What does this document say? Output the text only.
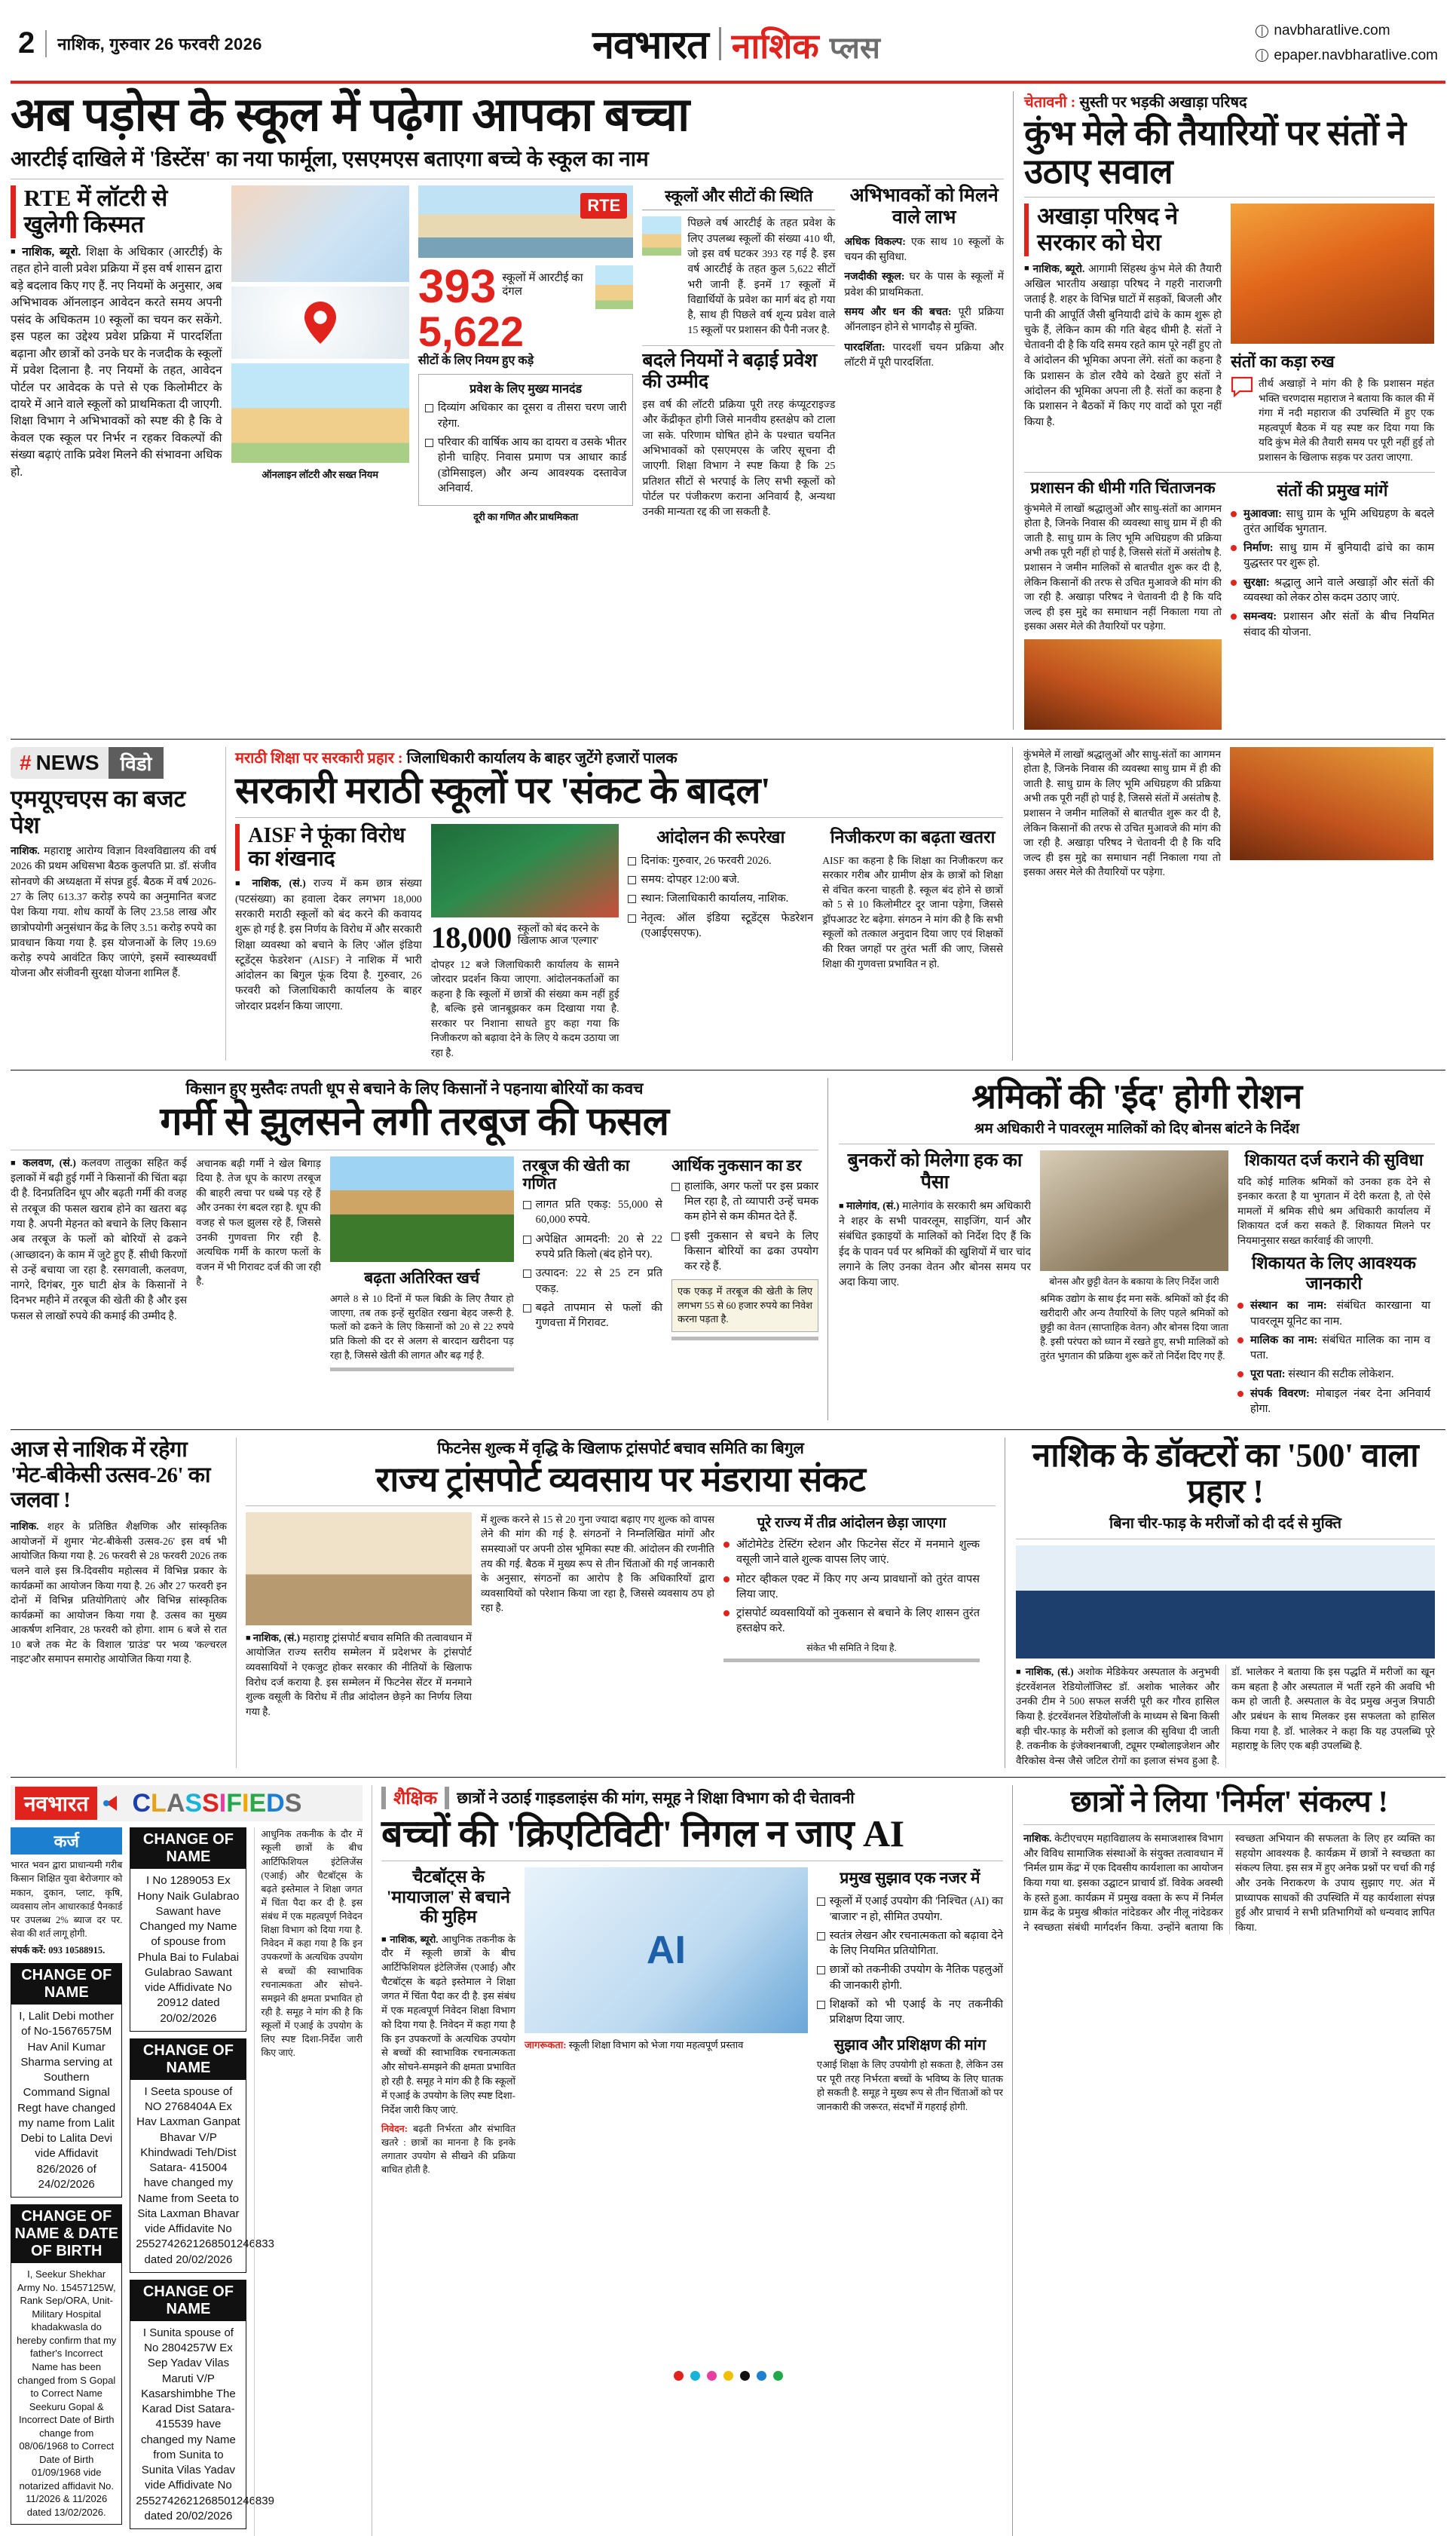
2 नाशिक, गुरुवार 26 फरवरी 2026	नवभारत नाशिक प्लस
navbharatlive.com
epaper.navbharatlive.com
अब पड़ोस के स्कूल में पढ़ेगा आपका बच्चा
आरटीई दाखिले में 'डिस्टेंस' का नया फार्मूला, एसएमएस बताएगा बच्चे के स्कूल का नाम
RTE में लॉटरी से खुलेगी किस्मत

■ नाशिक, ब्यूरो. शिक्षा के अधिकार (आरटीई) के तहत होने वाली प्रवेश प्रक्रिया में इस वर्ष शासन द्वारा बड़े बदलाव किए गए हैं. नए नियमों के अनुसार, अब अभिभावक ऑनलाइन आवेदन करते समय अपनी पसंद के अधिकतम 10 स्कूलों का चयन कर सकेंगे. इस पहल का उद्देश्य प्रवेश प्रक्रिया में पारदर्शिता बढ़ाना और छात्रों को उनके घर के नजदीक के स्कूलों में प्रवेश दिलाना है. नए नियमों के तहत, आवेदन पोर्टल पर आवेदक के पत्ते से एक किलोमीटर के दायरे में आने वाले स्कूलों को प्राथमिकता दी जाएगी. शिक्षा विभाग ने अभिभावकों को स्पष्ट की है कि वे केवल एक स्कूल पर निर्भर न रहकर विकल्पों की संख्या बढ़ाएं ताकि प्रवेश मिलने की संभावना अधिक हो.	ऑनलाइन लॉटरी और सख्त नियम
RTE
393 स्कूलों में आरटीई का दंगल
5,622
सीटों के लिए नियम हुए कड़े
प्रवेश के लिए मुख्य मानदंड
दिव्यांग अधिकार का दूसरा व तीसरा चरण जारी रहेगा.
परिवार की वार्षिक आय का दायरा व उसके भीतर होनी चाहिए. निवास प्रमाण पत्र आधार कार्ड (डोमिसाइल) और अन्य आवश्यक दस्तावेज अनिवार्य.
दूरी का गणित और प्राथमिकता
स्कूलों और सीटों की स्थिति

पिछले वर्ष आरटीई के तहत प्रवेश के लिए उपलब्ध स्कूलों की संख्या 410 थी, जो इस वर्ष घटकर 393 रह गई है. इस वर्ष आरटीई के तहत कुल 5,622 सीटों भरी जानी हैं. इनमें 17 स्कूलों में विद्यार्थियों के प्रवेश का मार्ग बंद हो गया है, साथ ही पिछले वर्ष शून्य प्रवेश वाले 15 स्कूलों पर प्रशासन की पैनी नजर है.

बदले नियमों ने बढ़ाई प्रवेश की उम्मीद

इस वर्ष की लॉटरी प्रक्रिया पूरी तरह कंप्यूटराइज्ड और केंद्रीकृत होगी जिसे मानवीय हस्तक्षेप को टाला जा सके. परिणाम घोषित होने के पश्चात चयनित अभिभावकों को एसएमएस के जरिए सूचना दी जाएगी. शिक्षा विभाग ने स्पष्ट किया है कि 25 प्रतिशत सीटों से भरपाई के लिए सभी स्कूलों को पोर्टल पर पंजीकरण कराना अनिवार्य है, अन्यथा उनकी मान्यता रद्द की जा सकती है.

अभिभावकों को मिलने वाले लाभ

अधिक विकल्प: एक साथ 10 स्कूलों के चयन की सुविधा.

नजदीकी स्कूल: घर के पास के स्कूलों में प्रवेश की प्राथमिकता.

समय और धन की बचत: पूरी प्रक्रिया ऑनलाइन होने से भागदौड़ से मुक्ति.

पारदर्शिता: पारदर्शी चयन प्रक्रिया और लॉटरी में पूरी पारदर्शिता.

चेतावनी : सुस्ती पर भड़की अखाड़ा परिषद
कुंभ मेले की तैयारियों पर संतों ने उठाए सवाल
अखाड़ा परिषद ने सरकार को घेरा

■ नाशिक, ब्यूरो. आगामी सिंहस्थ कुंभ मेले की तैयारी अखिल भारतीय अखाड़ा परिषद ने गहरी नाराजगी जताई है. शहर के विभिन्न घाटों में सड़कों, बिजली और पानी की आपूर्ति जैसी बुनियादी ढांचे के काम शुरू हो चुके हैं, लेकिन काम की गति बेहद धीमी है. संतों ने चेतावनी दी है कि यदि समय रहते काम पूरे नहीं हुए तो वे आंदोलन की भूमिका अपना लेंगे. संतों का कहना है कि प्रशासन के डोल रवैये को देखते हुए संतों ने आंदोलन की भूमिका अपना ली है. संतों का कहना है कि प्रशासन ने बैठकों में किए गए वादों को पूरा नहीं किया है.

संतों का कड़ा रुख

तीर्थ अखाड़ों ने मांग की है कि प्रशासन महंत भक्ति चरणदास महाराज ने बताया कि काल की में गंगा में नदी महाराज की उपस्थिति में हुए एक महत्वपूर्ण बैठक में यह स्पष्ट कर दिया गया कि यदि कुंभ मेले की तैयारी समय पर पूरी नहीं हुई तो प्रशासन के खिलाफ सड़क पर उतरा जाएगा.

प्रशासन की धीमी गति चिंताजनक

कुंभमेले में लाखों श्रद्धालुओं और साधु-संतों का आगमन होता है, जिनके निवास की व्यवस्था साधु ग्राम में ही की जाती है. साधु ग्राम के लिए भूमि अधिग्रहण की प्रक्रिया अभी तक पूरी नहीं हो पाई है, जिससे संतों में असंतोष है. प्रशासन ने जमीन मालिकों से बातचीत शुरू कर दी है, लेकिन किसानों की तरफ से उचित मुआवजे की मांग की जा रही है. अखाड़ा परिषद ने चेतावनी दी है कि यदि जल्द ही इस मुद्दे का समाधान नहीं निकाला गया तो इसका असर मेले की तैयारियों पर पड़ेगा.

संतों की प्रमुख मांगें
मुआवजा: साधु ग्राम के भूमि अधिग्रहण के बदले तुरंत आर्थिक भुगतान.
निर्माण: साधु ग्राम में बुनियादी ढांचे का काम युद्धस्तर पर शुरू हो.
सुरक्षा: श्रद्धालु आने वाले अखाड़ों और संतों की व्यवस्था को लेकर ठोस कदम उठाए जाएं.
समन्वय: प्रशासन और संतों के बीच नियमित संवाद की योजना.
# NEWS	विडो
एमयूएचएस का बजट पेश

नाशिक. महाराष्ट्र आरोग्य विज्ञान विश्वविद्यालय की वर्ष 2026 की प्रथम अधिसभा बैठक कुलपति प्रा. डॉ. संजीव सोनवणे की अध्यक्षता में संपन्न हुई. बैठक में वर्ष 2026-27 के लिए 613.37 करोड़ रुपये का अनुमानित बजट पेश किया गया. शोध कार्यों के लिए 23.58 लाख और छात्रोपयोगी अनुसंधान केंद्र के लिए 3.51 करोड़ रुपये का प्रावधान किया गया है. इस योजनाओं के लिए 19.69 करोड़ रुपये आवंटित किए जाएंगे, इसमें स्वास्थ्यवर्धी योजना और संजीवनी सुरक्षा योजना शामिल हैं.

मराठी शिक्षा पर सरकारी प्रहार : जिलाधिकारी कार्यालय के बाहर जुटेंगे हजारों पालक
सरकारी मराठी स्कूलों पर 'संकट के बादल'
AISF ने फूंका विरोध का शंखनाद

■ नाशिक, (सं.) राज्य में कम छात्र संख्या (पटसंख्या) का हवाला देकर लगभग 18,000 सरकारी मराठी स्कूलों को बंद करने की कवायद शुरू हो गई है. इस निर्णय के विरोध में और सरकारी शिक्षा व्यवस्था को बचाने के लिए 'ऑल इंडिया स्टूडेंट्स फेडरेशन' (AISF) ने नाशिक में भारी आंदोलन का बिगुल फूंक दिया है. गुरुवार, 26 फरवरी को जिलाधिकारी कार्यालय के बाहर जोरदार प्रदर्शन किया जाएगा.

18,000 स्कूलों को बंद करने के खिलाफ आज 'एल्गार'

दोपहर 12 बजे जिलाधिकारी कार्यालय के सामने जोरदार प्रदर्शन किया जाएगा. आंदोलनकर्ताओं का कहना है कि स्कूलों में छात्रों की संख्या कम नहीं हुई है, बल्कि इसे जानबूझकर कम दिखाया गया है. सरकार पर निशाना साधते हुए कहा गया कि निजीकरण को बढ़ावा देने के लिए ये कदम उठाया जा रहा है.

आंदोलन की रूपरेखा
दिनांक: गुरुवार, 26 फरवरी 2026.
समय: दोपहर 12:00 बजे.
स्थान: जिलाधिकारी कार्यालय, नाशिक.
नेतृत्व: ऑल इंडिया स्टूडेंट्स फेडरेशन (एआईएसएफ).
निजीकरण का बढ़ता खतरा

AISF का कहना है कि शिक्षा का निजीकरण कर सरकार गरीब और ग्रामीण क्षेत्र के छात्रों को शिक्षा से वंचित करना चाहती है. स्कूल बंद होने से छात्रों को 5 से 10 किलोमीटर दूर जाना पड़ेगा, जिससे ड्रॉपआउट रेट बढ़ेगा. संगठन ने मांग की है कि सभी स्कूलों को तत्काल अनुदान दिया जाए एवं शिक्षकों की रिक्त जगहों पर तुरंत भर्ती की जाए, जिससे शिक्षा की गुणवत्ता प्रभावित न हो.

कुंभमेले में लाखों श्रद्धालुओं और साधु-संतों का आगमन होता है, जिनके निवास की व्यवस्था साधु ग्राम में ही की जाती है. साधु ग्राम के लिए भूमि अधिग्रहण की प्रक्रिया अभी तक पूरी नहीं हो पाई है, जिससे संतों में असंतोष है. प्रशासन ने जमीन मालिकों से बातचीत शुरू कर दी है, लेकिन किसानों की तरफ से उचित मुआवजे की मांग की जा रही है. अखाड़ा परिषद ने चेतावनी दी है कि यदि जल्द ही इस मुद्दे का समाधान नहीं निकाला गया तो इसका असर मेले की तैयारियों पर पड़ेगा.

किसान हुए मुस्तैदः तपती धूप से बचाने के लिए किसानों ने पहनाया बोरियों का कवच
गर्मी से झुलसने लगी तरबूज की फसल

■ कलवण, (सं.) कलवण तालुका सहित कई इलाकों में बढ़ी हुई गर्मी ने किसानों की चिंता बढ़ा दी है. दिनप्रतिदिन धूप और बढ़ती गर्मी की वजह से तरबूज की फसल खराब होने का खतरा बढ़ गया है. अपनी मेहनत को बचाने के लिए किसान अब तरबूज के फलों को बोरियों से ढकने (आच्छादन) के काम में जुटे हुए हैं. सीधी किरणों से उन्हें बचाया जा रहा है. रसगवाली, कलवण, नागरे, दिगंबर, गुरु घाटी क्षेत्र के किसानों ने दिनभर महीने में तरबूज की खेती की है और इस फसल से लाखों रुपये की कमाई की उम्मीद है.

अचानक बढ़ी गर्मी ने खेल बिगाड़ दिया है. तेज धूप के कारण तरबूज की बाहरी त्वचा पर धब्बे पड़ रहे हैं और उनका रंग बदल रहा है. धूप की वजह से फल झुलस रहे हैं, जिससे उनकी गुणवत्ता गिर रही है. अत्यधिक गर्मी के कारण फलों के वजन में भी गिरावट दर्ज की जा रही है.	बढ़ता अतिरिक्त खर्च

अगले 8 से 10 दिनों में फल बिक्री के लिए तैयार हो जाएगा, तब तक इन्हें सुरक्षित रखना बेहद जरूरी है. फलों को ढकने के लिए किसानों को 20 से 22 रुपये प्रति किलो की दर से अलग से बारदान खरीदना पड़ रहा है, जिससे खेती की लागत और बढ़ गई है.

तरबूज की खेती का गणित
लागत प्रति एकड़: 55,000 से 60,000 रुपये.
अपेक्षित आमदनी: 20 से 22 रुपये प्रति किलो (बंद होने पर).
उत्पादन: 22 से 25 टन प्रति एकड़.
बढ़ते तापमान से फलों की गुणवत्ता में गिरावट.
आर्थिक नुकसान का डर
हालांकि, अगर फलों पर इस प्रकार मिल रहा है, तो व्यापारी उन्हें चमक कम होने से कम कीमत देते हैं.
इसी नुकसान से बचने के लिए किसान बोरियों का ढका उपयोग कर रहे हैं.

एक एकड़ में तरबूज की खेती के लिए लगभग 55 से 60 हजार रुपये का निवेश करना पड़ता है.

श्रमिकों की 'ईद' होगी रोशन
श्रम अधिकारी ने पावरलूम मालिकों को दिए बोनस बांटने के निर्देश
बुनकरों को मिलेगा हक का पैसा

■ मालेगांव, (सं.) मालेगांव के सरकारी श्रम अधिकारी ने शहर के सभी पावरलूम, साइजिंग, यार्न और संबंधित इकाइयों के मालिकों को निर्देश दिए हैं कि ईद के पावन पर्व पर श्रमिकों की खुशियों में चार चांद लगाने के लिए उनका वेतन और बोनस समय पर अदा किया जाए.	बोनस और छुट्टी वेतन के बकाया के लिए निर्देश जारी

श्रमिक उद्योग के साथ ईद मना सकें. श्रमिकों को ईद की खरीदारी और अन्य तैयारियों के लिए पहले श्रमिकों को छुट्टी का वेतन (साप्ताहिक वेतन) और बोनस दिया जाता है. इसी परंपरा को ध्यान में रखते हुए, सभी मालिकों को तुरंत भुगतान की प्रक्रिया शुरू करें तो निर्देश दिए गए हैं.

शिकायत दर्ज कराने की सुविधा

यदि कोई मालिक श्रमिकों को उनका हक देने से इनकार करता है या भुगतान में देरी करता है, तो ऐसे मामलों में श्रमिक सीधे श्रम अधिकारी कार्यालय में शिकायत दर्ज करा सकते हैं. शिकायत मिलने पर नियमानुसार सख्त कार्रवाई की जाएगी.

शिकायत के लिए आवश्यक जानकारी
संस्थान का नाम: संबंधित कारखाना या पावरलूम यूनिट का नाम.
मालिक का नाम: संबंधित मालिक का नाम व पता.
पूरा पता: संस्थान की सटीक लोकेशन.
संपर्क विवरण: मोबाइल नंबर देना अनिवार्य होगा.
आज से नाशिक में रहेगा 'मेट-बीकेसी उत्सव-26' का जलवा !

नाशिक. शहर के प्रतिष्ठित शैक्षणिक और सांस्कृतिक आयोजनों में शुमार 'मेट-बीकेसी उत्सव-26' इस वर्ष भी आयोजित किया गया है. 26 फरवरी से 28 फरवरी 2026 तक चलने वाले इस त्रि-दिवसीय महोत्सव में विभिन्न प्रकार के कार्यक्रमों का आयोजन किया गया है. 26 और 27 फरवरी इन दोनों में विभिन्न प्रतियोगिताएं और विभिन्न सांस्कृतिक कार्यक्रमों का आयोजन किया गया है. उत्सव का मुख्य आकर्षण शनिवार, 28 फरवरी को होगा. शाम 6 बजे से रात 10 बजे तक मेट के विशाल 'ग्राउंड' पर भव्य 'कल्चरल नाइट'और समापन समारोह आयोजित किया गया है.

फिटनेस शुल्क में वृद्धि के खिलाफ ट्रांसपोर्ट बचाव समिति का बिगुल
राज्य ट्रांसपोर्ट व्यवसाय पर मंडराया संकट

■ नाशिक, (सं.) महाराष्ट्र ट्रांसपोर्ट बचाव समिति की तत्वावधान में आयोजित राज्य स्तरीय सम्मेलन में प्रदेशभर के ट्रांसपोर्ट व्यवसायियों ने एकजुट होकर सरकार की नीतियों के खिलाफ विरोध दर्ज कराया है. इस सम्मेलन में फिटनेस सेंटर में मनमाने शुल्क वसूली के विरोध में तीव्र आंदोलन छेड़ने का निर्णय लिया गया है.

में शुल्क करने से 15 से 20 गुना ज्यादा बढ़ाए गए शुल्क को वापस लेने की मांग की गई है. संगठनों ने निम्नलिखित मांगों और समस्याओं पर अपनी ठोस भूमिका स्पष्ट की. आंदोलन की रणनीति तय की गई. बैठक में मुख्य रूप से तीन चिंताओं की गई जानकारी के अनुसार, संगठनों का आरोप है कि अधिकारियों द्वारा व्यवसायियों को परेशान किया जा रहा है, जिससे व्यवसाय ठप हो रहा है.

पूरे राज्य में तीव्र आंदोलन छेड़ा जाएगा
ऑटोमेटेड टेस्टिंग स्टेशन और फिटनेस सेंटर में मनमाने शुल्क वसूली जाने वाले शुल्क वापस लिए जाएं.
मोटर व्हीकल एक्ट में किए गए अन्य प्रावधानों को तुरंत वापस लिया जाए.
ट्रांसपोर्ट व्यवसायियों को नुकसान से बचाने के लिए शासन तुरंत हस्तक्षेप करे.
संकेत भी समिति ने दिया है.
नाशिक के डॉक्टरों का '500' वाला प्रहार !
बिना चीर-फाड़ के मरीजों को दी दर्द से मुक्ति

■ नाशिक, (सं.) अशोक मेडिकेयर अस्पताल के अनुभवी इंटरवेंशनल रेडियोलॉजिस्ट डॉ. अशोक भालेकर और उनकी टीम ने 500 सफल सर्जरी पूरी कर गौरव हासिल किया है. इंटरवेंशनल रेडियोलॉजी के माध्यम से बिना किसी बड़ी चीर-फाड़ के मरीजों को इलाज की सुविधा दी जाती है. तकनीक के इंजेक्शनबाजी, ट्यूमर एम्बोलाइजेशन और वैरिकोस वेन्स जैसे जटिल रोगों का इलाज संभव हुआ है. डॉ. भालेकर ने बताया कि इस पद्धति में मरीजों का खून कम बहता है और अस्पताल में भर्ती रहने की अवधि भी कम हो जाती है. अस्पताल के वेद प्रमुख अनुज त्रिपाठी और प्रबंधन के साथ मिलकर इस सफलता को हासिल किया गया है. डॉ. भालेकर ने कहा कि यह उपलब्धि पूरे महाराष्ट्र के लिए एक बड़ी उपलब्धि है.

नवभारत	CLASSIFIEDS
कर्ज

भारत भवन द्वारा प्राधान्यमी गरीब किसान शिक्षित युवा बेरोजगार को मकान, दुकान, प्लाट, कृषि, व्यवसाय लोन आधारकार्ड पैनकार्ड पर उपलब्ध 2% ब्याज दर पर. सेवा की शर्त लागू होगी.

संपर्क करें: 093 10588915.

CHANGE OF NAME
I, Lalit Debi mother of No-15676575M Hav Anil Kumar Sharma serving at Southern Command Signal Regt have changed my name from Lalit Debi to Lalita Devi vide Affidavit 826/2026 of 24/02/2026
CHANGE OF NAME & DATE OF BIRTH
I, Seekur Shekhar Army No. 15457125W, Rank Sep/ORA, Unit-Military Hospital khadakwasla do hereby confirm that my father's Incorrect Name has been changed from S Gopal to Correct Name Seekuru Gopal & Incorrect Date of Birth change from 08/06/1968 to Correct Date of Birth 01/09/1968 vide notarized affidavit No. 11/2026 & 11/2026 dated 13/02/2026.
CHANGE OF NAME
I No 1289053 Ex Hony Naik Gulabrao Sawant have Changed my Name of spouse from Phula Bai to Fulabai Gulabrao Sawant vide Affidivate No 20912 dated 20/02/2026
CHANGE OF NAME
I Seeta spouse of NO 2768404A Ex Hav Laxman Ganpat Bhavar V/P Khindwadi Teh/Dist Satara- 415004 have changed my Name from Seeta to Sita Laxman Bhavar vide Affidavite No 2552742621268501246833 dated 20/02/2026
CHANGE OF NAME
I Sunita spouse of No 2804257W Ex Sep Yadav Vilas Maruti V/P Kasarshimbhe The Karad Dist Satara- 415539 have changed my Name from Sunita to Sunita Vilas Yadav vide Affidivate No 2552742621268501246839 dated 20/02/2026

आधुनिक तकनीक के दौर में स्कूली छात्रों के बीच आर्टिफिशियल इंटेलिजेंस (एआई) और चैटबॉट्स के बढ़ते इस्तेमाल ने शिक्षा जगत में चिंता पैदा कर दी है. इस संबंध में एक महत्वपूर्ण निवेदन शिक्षा विभाग को दिया गया है. निवेदन में कहा गया है कि इन उपकरणों के अत्यधिक उपयोग से बच्चों की स्वाभाविक रचनात्मकता और सोचने-समझने की क्षमता प्रभावित हो रही है. समूह ने मांग की है कि स्कूलों में एआई के उपयोग के लिए स्पष्ट दिशा-निर्देश जारी किए जाएं.

शैक्षिक छात्रों ने उठाई गाइडलाइंस की मांग, समूह ने शिक्षा विभाग को दी चेतावनी
बच्चों की 'क्रिएटिविटी' निगल न जाए AI
चैटबॉट्स के 'मायाजाल' से बचाने की मुहिम

■ नाशिक, ब्यूरो. आधुनिक तकनीक के दौर में स्कूली छात्रों के बीच आर्टिफिशियल इंटेलिजेंस (एआई) और चैटबॉट्स के बढ़ते इस्तेमाल ने शिक्षा जगत में चिंता पैदा कर दी है. इस संबंध में एक महत्वपूर्ण निवेदन शिक्षा विभाग को दिया गया है. निवेदन में कहा गया है कि इन उपकरणों के अत्यधिक उपयोग से बच्चों की स्वाभाविक रचनात्मकता और सोचने-समझने की क्षमता प्रभावित हो रही है. समूह ने मांग की है कि स्कूलों में एआई के उपयोग के लिए स्पष्ट दिशा-निर्देश जारी किए जाएं.

निवेदन: बढ़ती निर्भरता और संभावित खतरे : छात्रों का मानना है कि इनके लगातार उपयोग से सीखने की प्रक्रिया बाधित होती है.

AI
जागरूकता: स्कूली शिक्षा विभाग को भेजा गया महत्वपूर्ण प्रस्ताव
प्रमुख सुझाव एक नजर में
स्कूलों में एआई उपयोग की 'निश्चित (AI) का 'बाजार' न हो, सीमित उपयोग.
स्वतंत्र लेखन और रचनात्मकता को बढ़ावा देने के लिए नियमित प्रतियोगिता.
छात्रों को तकनीकी उपयोग के नैतिक पहलुओं की जानकारी होगी.
शिक्षकों को भी एआई के नए तकनीकी प्रशिक्षण दिया जाए.
सुझाव और प्रशिक्षण की मांग

एआई शिक्षा के लिए उपयोगी हो सकता है, लेकिन उस पर पूरी तरह निर्भरता बच्चों के भविष्य के लिए घातक हो सकती है. समूह ने मुख्य रूप से तीन चिंताओं को पर जानकारी की जरूरत, संदर्भों में गहराई होगी.

छात्रों ने लिया 'निर्मल' संकल्प !

नाशिक. केटीएचएम महाविद्यालय के समाजशास्त्र विभाग और विविध सामाजिक संस्थाओं के संयुक्त तत्वावधान में 'निर्मल ग्राम केंद्र' में एक दिवसीय कार्यशाला का आयोजन किया गया था. इसका उद्घाटन प्राचार्य डॉ. विवेक अवस्थी के हस्ते हुआ. कार्यक्रम में प्रमुख वक्ता के रूप में निर्मल ग्राम केंद्र के प्रमुख श्रीकांत नांदेडकर और नीलू नांदेडकर ने स्वच्छता संबंधी मार्गदर्शन किया. उन्होंने बताया कि स्वच्छता अभियान की सफलता के लिए हर व्यक्ति का सहयोग आवश्यक है. कार्यक्रम में छात्रों ने स्वच्छता का संकल्प लिया. इस सत्र में हुए अनेक प्रश्नों पर चर्चा की गई और उनके निराकरण के उपाय सुझाए गए. अंत में प्राध्यापक साधकों की उपस्थिति में यह कार्यशाला संपन्न हुई और प्राचार्य ने सभी प्रतिभागियों को धन्यवाद ज्ञापित किया.
